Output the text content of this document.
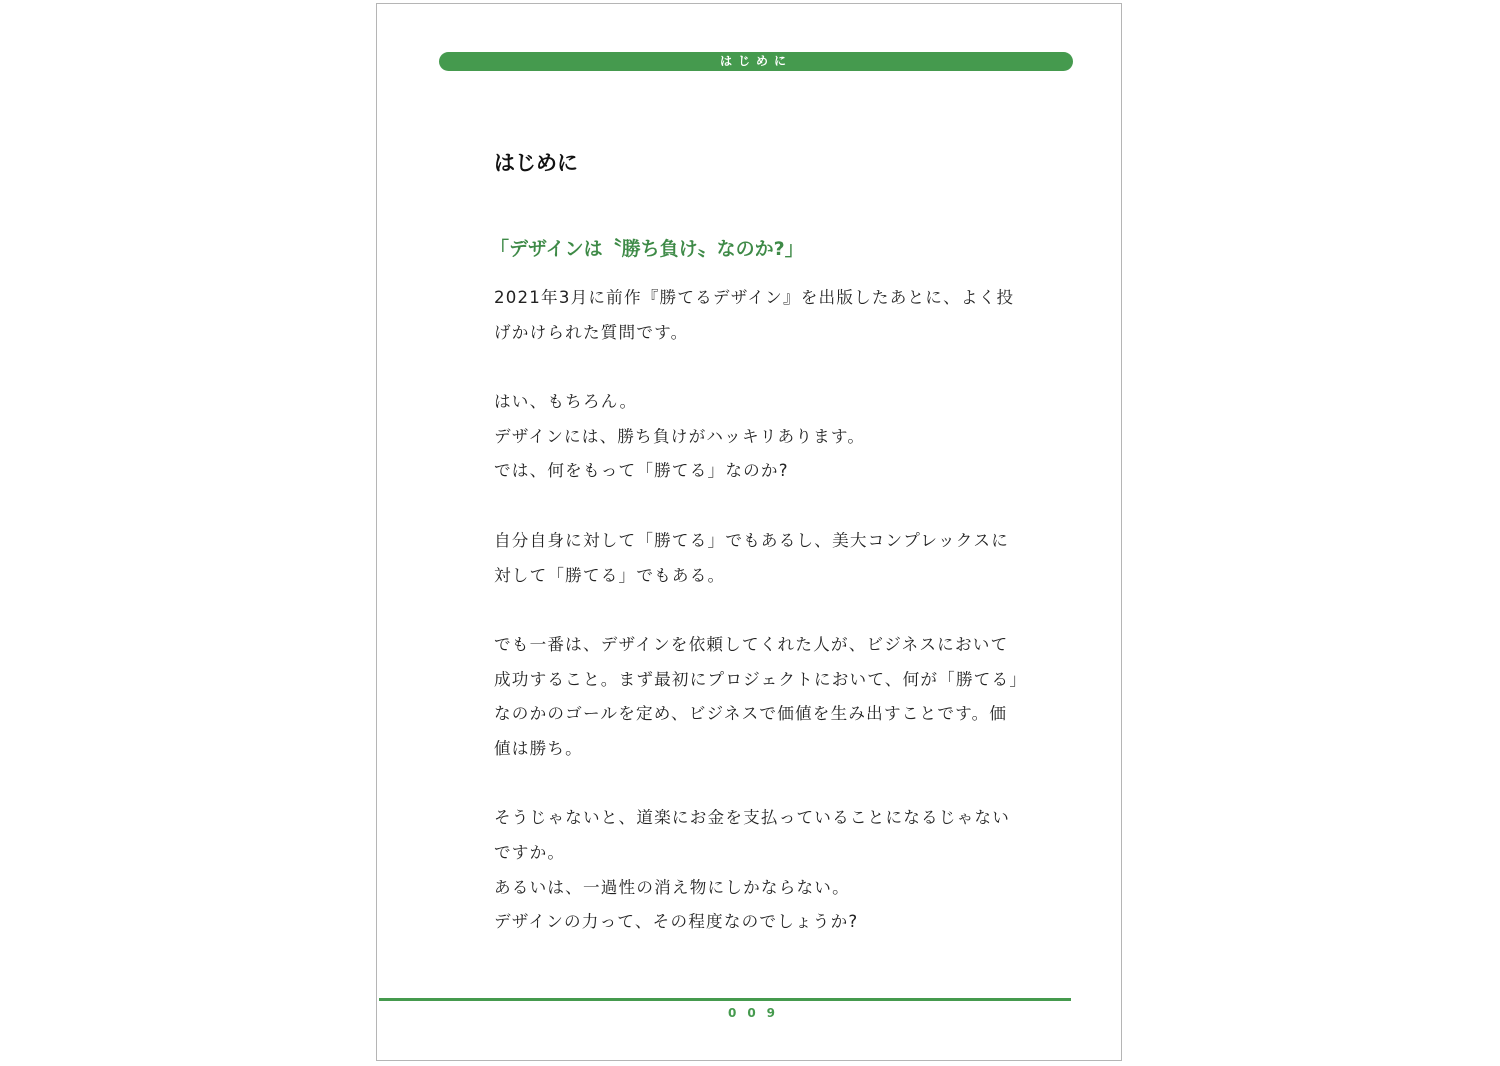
はじめに
はじめに
「デザインは〝勝ち負け〟なのか?」
2021年3月に前作『勝てるデザイン』を出版したあとに、よく投
げかけられた質問です。
はい、もちろん。
デザインには、勝ち負けがハッキリあります。
では、何をもって「勝てる」なのか?
自分自身に対して「勝てる」でもあるし、美大コンプレックスに
対して「勝てる」でもある。
でも一番は、デザインを依頼してくれた人が、ビジネスにおいて
成功すること。まず最初にプロジェクトにおいて、何が「勝てる」
なのかのゴールを定め、ビジネスで価値を生み出すことです。価
値は勝ち。
そうじゃないと、道楽にお金を支払っていることになるじゃない
ですか。
あるいは、一過性の消え物にしかならない。
デザインの力って、その程度なのでしょうか?
009
